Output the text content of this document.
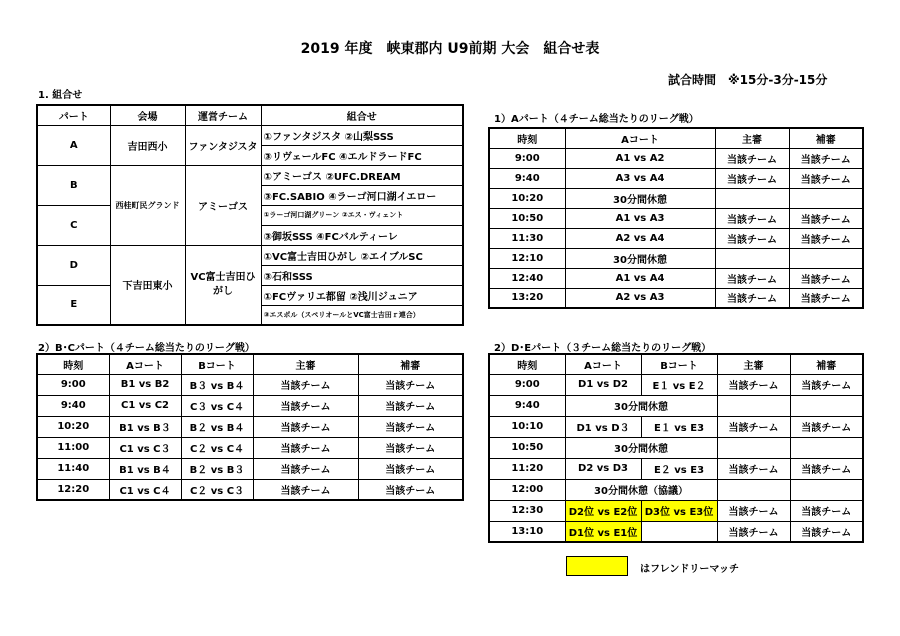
2019 年度　峡東郡内 U9前期 大会　組合せ表
試合時間　※15分-3分-15分
1. 組合せ
パート	会場	運営チーム	組合せ
A	吉田西小	ファンタジスタ	①ファンタジスタ ②山梨SSS
			③リヴェールFC ④エルドラードFC
B	西桂町民グランド	アミーゴス	①アミーゴス ②UFC.DREAM
			③FC.SABIO ④ラーゴ河口湖イエロー
C			①ラーゴ河口湖グリーン ②エス・ヴィェント
			③御坂SSS ④FCバルティーレ
D	下吉田東小	VC富士吉田ひがし	①VC富士吉田ひがし ②エイブルSC
			③石和SSS
E			①FCヴァリエ都留 ②浅川ジュニア
			③エスポル（スペリオールとVC富士吉田ｒ連合）
1）Aパート（４チーム総当たりのリーグ戦）
時刻	Aコート	主審	補審
9:00	A1 vs A2	当該チーム	当該チーム
9:40	A3 vs A4	当該チーム	当該チーム
10:20	30分間休憩		
10:50	A1 vs A3	当該チーム	当該チーム
11:30	A2 vs A4	当該チーム	当該チーム
12:10	30分間休憩		
12:40	A1 vs A4	当該チーム	当該チーム
13:20	A2 vs A3	当該チーム	当該チーム
2）B･Cパート（４チーム総当たりのリーグ戦）
時刻	Aコート	Bコート	主審	補審
9:00	B1 vs B2	B３ vs B４	当該チーム	当該チーム
9:40	C1 vs C2	C３ vs C４	当該チーム	当該チーム
10:20	B1 vs B３	B２ vs B４	当該チーム	当該チーム
11:00	C1 vs C３	C２ vs C４	当該チーム	当該チーム
11:40	B1 vs B４	B２ vs B３	当該チーム	当該チーム
12:20	C1 vs C４	C２ vs C３	当該チーム	当該チーム
2）D･Eパート（３チーム総当たりのリーグ戦）
時刻	Aコート	Bコート	主審	補審
9:00	D1 vs D2	E１ vs E２	当該チーム	当該チーム
9:40	30分間休憩			
10:10	D1 vs D３	E１ vs E3	当該チーム	当該チーム
10:50	30分間休憩			
11:20	D2 vs D3	E２ vs E3	当該チーム	当該チーム
12:00	30分間休憩（協議）			
12:30	D2位 vs E2位	D3位 vs E3位	当該チーム	当該チーム
13:10	D1位 vs E1位		当該チーム	当該チーム
はフレンドリーマッチ
